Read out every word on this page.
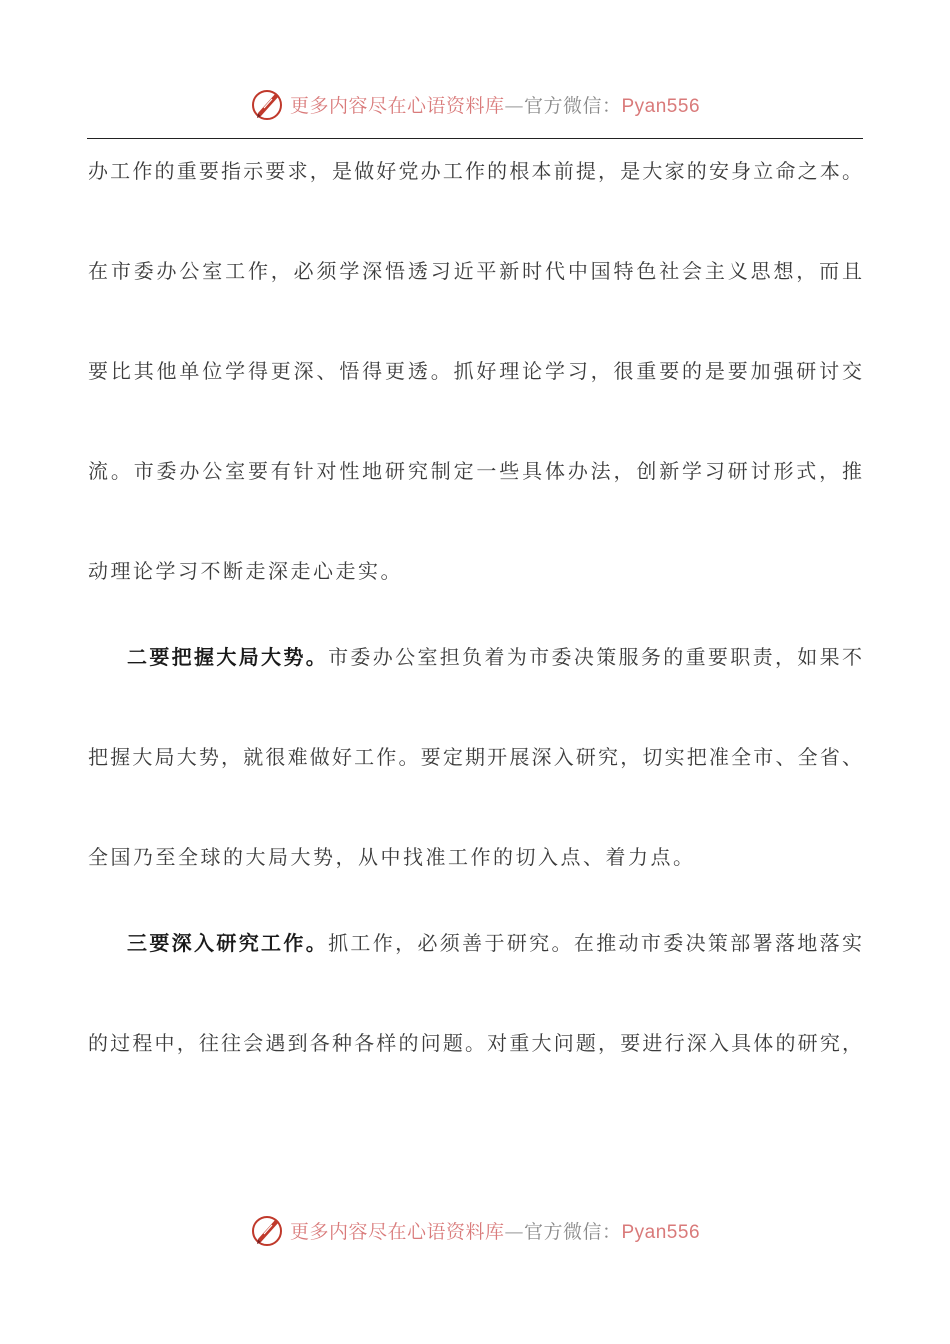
更多内容尽在心语资料库—官方微信：Pyan556
办工作的重要指示要求，是做好党办工作的根本前提，是大家的安身立命之本。
在市委办公室工作，必须学深悟透习近平新时代中国特色社会主义思想，而且
要比其他单位学得更深、悟得更透。抓好理论学习，很重要的是要加强研讨交
流。市委办公室要有针对性地研究制定一些具体办法，创新学习研讨形式，推
动理论学习不断走深走心走实。
二要把握大局大势。市委办公室担负着为市委决策服务的重要职责，如果不
把握大局大势，就很难做好工作。要定期开展深入研究，切实把准全市、全省、
全国乃至全球的大局大势，从中找准工作的切入点、着力点。
三要深入研究工作。抓工作，必须善于研究。在推动市委决策部署落地落实
的过程中，往往会遇到各种各样的问题。对重大问题，要进行深入具体的研究，
更多内容尽在心语资料库—官方微信：Pyan556
